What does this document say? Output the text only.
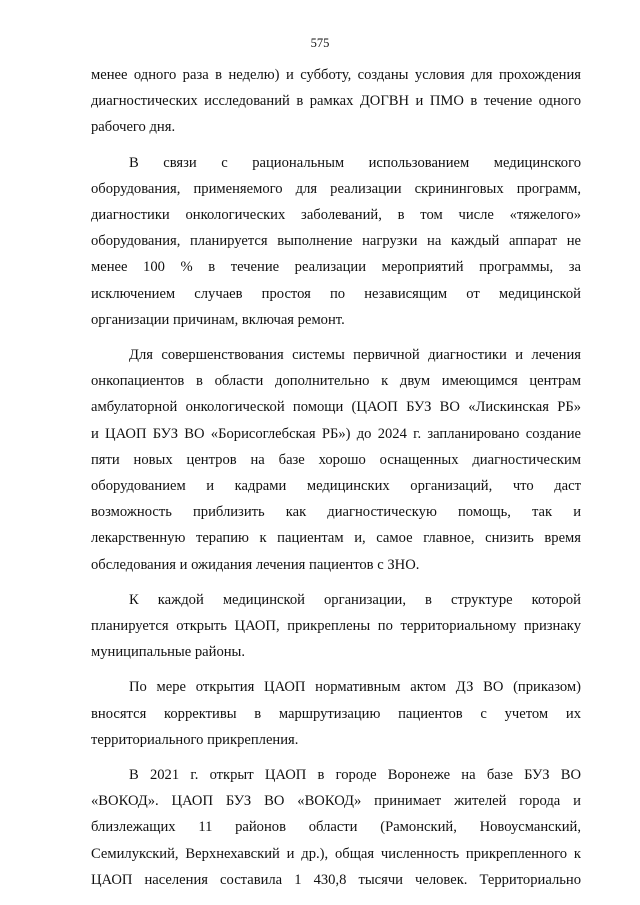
575

менее одного раза в неделю) и субботу, созданы условия для прохождения
диагностических исследований в рамках ДОГВН и ПМО в течение одного
рабочего дня.

В связи с рациональным использованием медицинского
оборудования, применяемого для реализации скрининговых программ,
диагностики онкологических заболеваний, в том числе «тяжелого»
оборудования, планируется выполнение нагрузки на каждый аппарат не
менее 100 % в течение реализации мероприятий программы, за
исключением случаев простоя по независящим от медицинской
организации причинам, включая ремонт.

Для совершенствования системы первичной диагностики и лечения
онкопациентов в области дополнительно к двум имеющимся центрам
амбулаторной онкологической помощи (ЦАОП БУЗ ВО «Лискинская РБ»
и ЦАОП БУЗ ВО «Борисоглебская РБ») до 2024 г. запланировано создание
пяти новых центров на базе хорошо оснащенных диагностическим
оборудованием и кадрами медицинских организаций, что даст
возможность приблизить как диагностическую помощь, так и
лекарственную терапию к пациентам и, самое главное, снизить время
обследования и ожидания лечения пациентов с ЗНО.

К каждой медицинской организации, в структуре которой
планируется открыть ЦАОП, прикреплены по территориальному признаку
муниципальные районы.

По мере открытия ЦАОП нормативным актом ДЗ ВО (приказом)
вносятся коррективы в маршрутизацию пациентов с учетом их
территориального прикрепления.

В 2021 г. открыт ЦАОП в городе Воронеже на базе БУЗ ВО
«ВОКОД». ЦАОП БУЗ ВО «ВОКОД» принимает жителей города и
близлежащих 11 районов области (Рамонский, Новоусманский,
Семилукский, Верхнехавский и др.), общая численность прикрепленного к
ЦАОП населения составила 1 430,8 тысячи человек. Территориально
